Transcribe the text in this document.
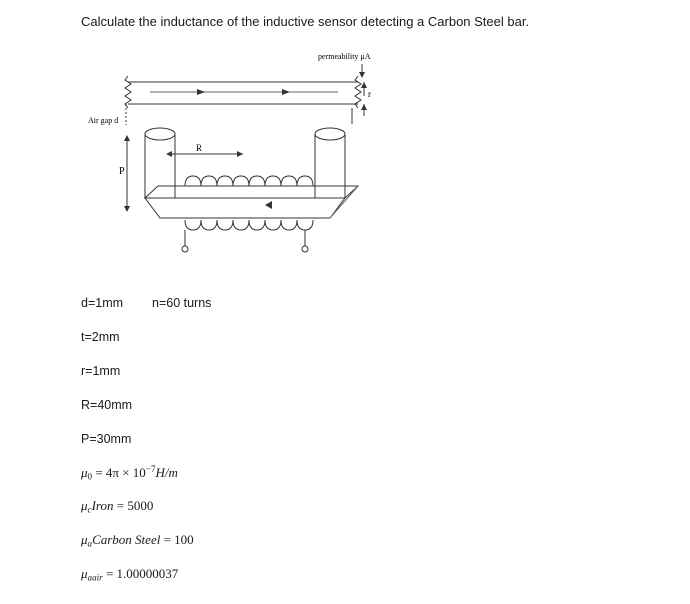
Calculate the inductance of the inductive sensor detecting a Carbon Steel bar.
permeability μA
r
Air gap d
P
R
d=1mm n=60 turns
t=2mm
r=1mm
R=40mm
P=30mm
$\mu_0 = 4\pi \times 10^{-7}H/m$
$\mu_cIron = 5000$
$\mu_aCarbon$ Steel = 100
$\mu_{aair} = 1.00000037$
